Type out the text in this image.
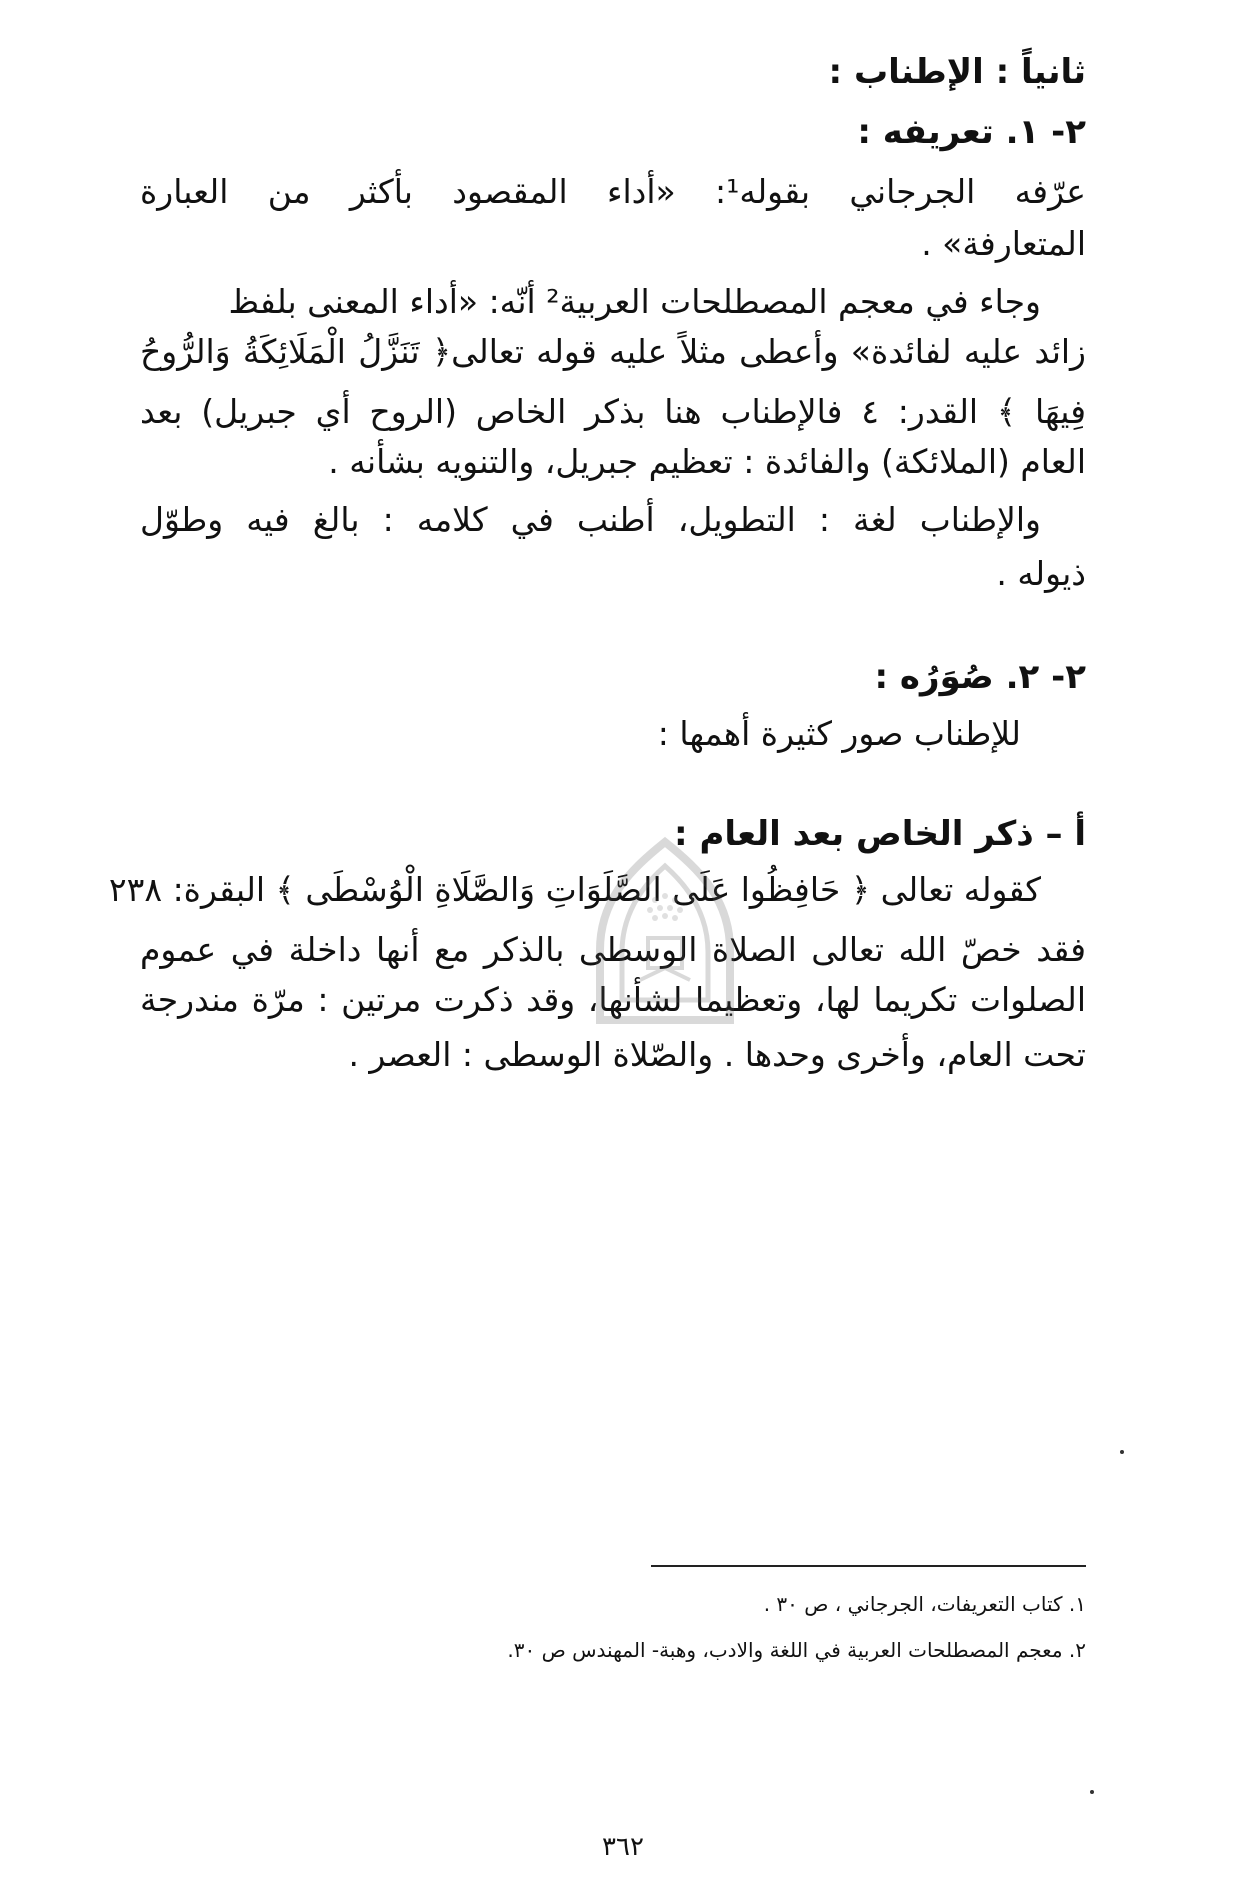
ثانياً : الإطناب :
٢- ١. تعريفه :
عرّفه الجرجاني بقوله¹: «أداء المقصود بأكثر من العبارة
المتعارفة» .
وجاء في معجم المصطلحات العربية² أنّه: «أداء المعنى بلفظ
زائد عليه لفائدة» وأعطى مثلاً عليه قوله تعالى﴿ تَنَزَّلُ الْمَلَائِكَةُ وَالرُّوحُ
فِيهَا ﴾ القدر: ٤ فالإطناب هنا بذكر الخاص (الروح أي جبريل) بعد
العام (الملائكة) والفائدة : تعظيم جبريل، والتنويه بشأنه .
والإطناب لغة : التطويل، أطنب في كلامه : بالغ فيه وطوّل
ذيوله .
٢- ٢. صُوَرُه :
للإطناب صور كثيرة أهمها :
أ – ذكر الخاص بعد العام :
كقوله تعالى ﴿ حَافِظُوا عَلَى الصَّلَوَاتِ وَالصَّلَاةِ الْوُسْطَى ﴾ البقرة: ٢٣٨
فقد خصّ الله تعالى الصلاة الوسطى بالذكر مع أنها داخلة في عموم
الصلوات تكريما لها، وتعظيما لشأنها، وقد ذكرت مرتين : مرّة مندرجة
تحت العام، وأخرى وحدها . والصّلاة الوسطى : العصر .
١. كتاب التعريفات، الجرجاني ، ص ٣٠ .
٢. معجم المصطلحات العربية في اللغة والادب، وهبة- المهندس ص ٣٠.
٣٦٢
